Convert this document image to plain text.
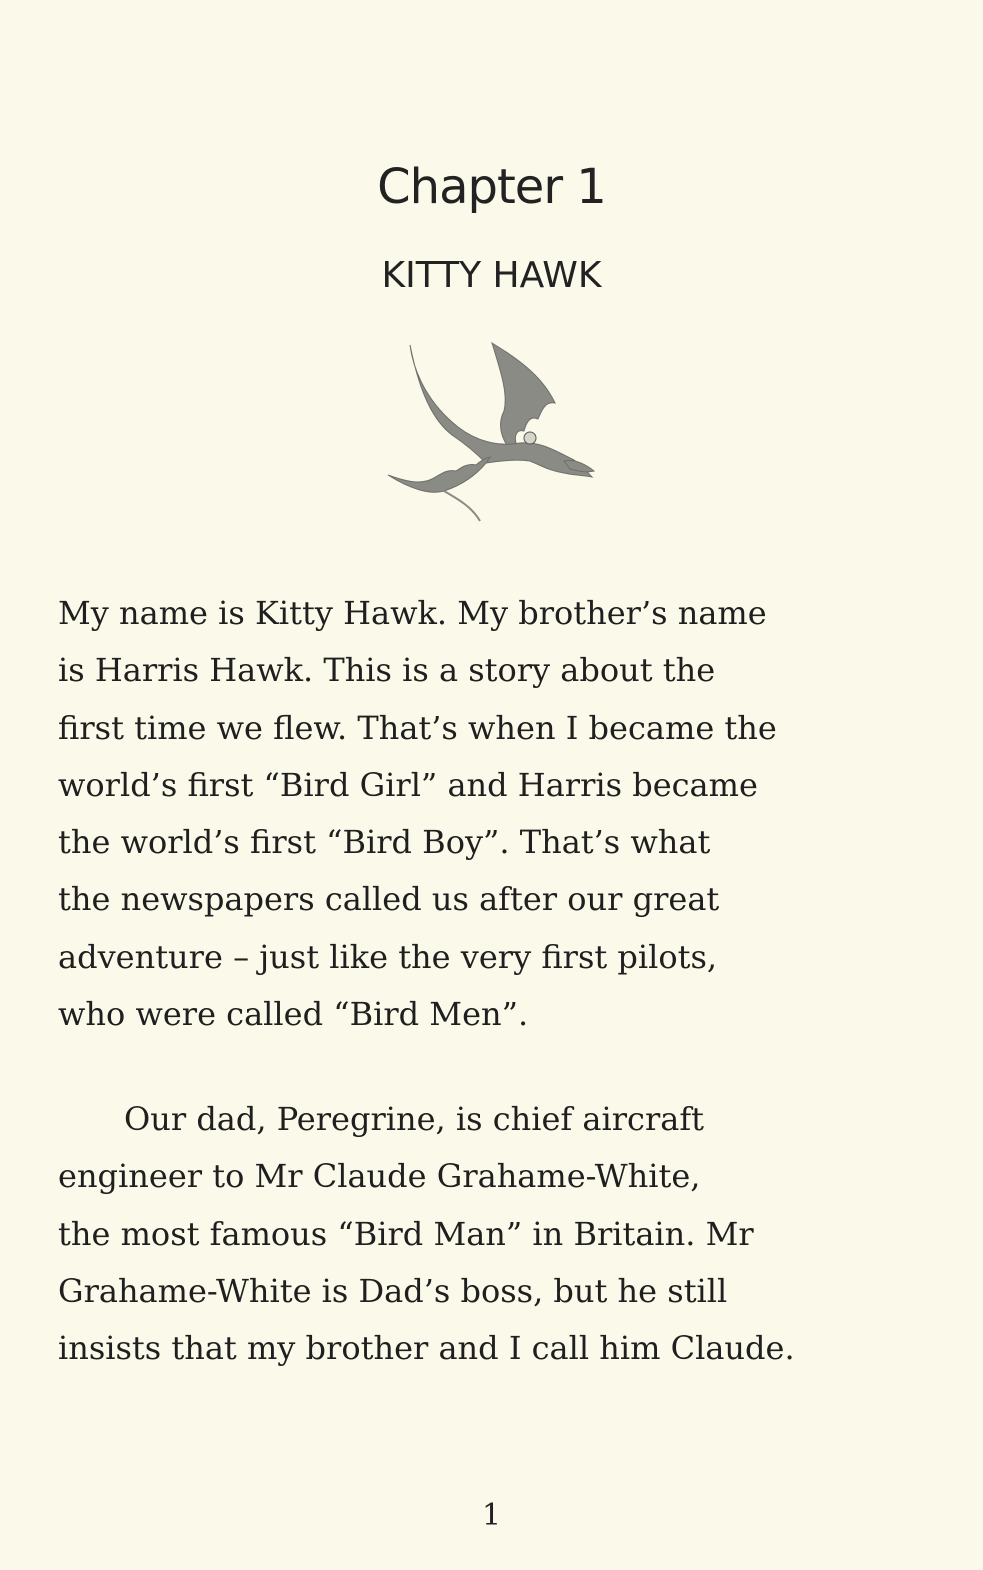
Chapter 1
KITTY HAWK
My name is Kitty Hawk. My brother’s name
is Harris Hawk. This is a story about the
first time we flew. That’s when I became the
world’s first “Bird Girl” and Harris became
the world’s first “Bird Boy”. That’s what
the newspapers called us after our great
adventure – just like the very first pilots,
who were called “Bird Men”.
Our dad, Peregrine, is chief aircraft
engineer to Mr Claude Grahame-White,
the most famous “Bird Man” in Britain. Mr
Grahame-White is Dad’s boss, but he still
insists that my brother and I call him Claude.
1
